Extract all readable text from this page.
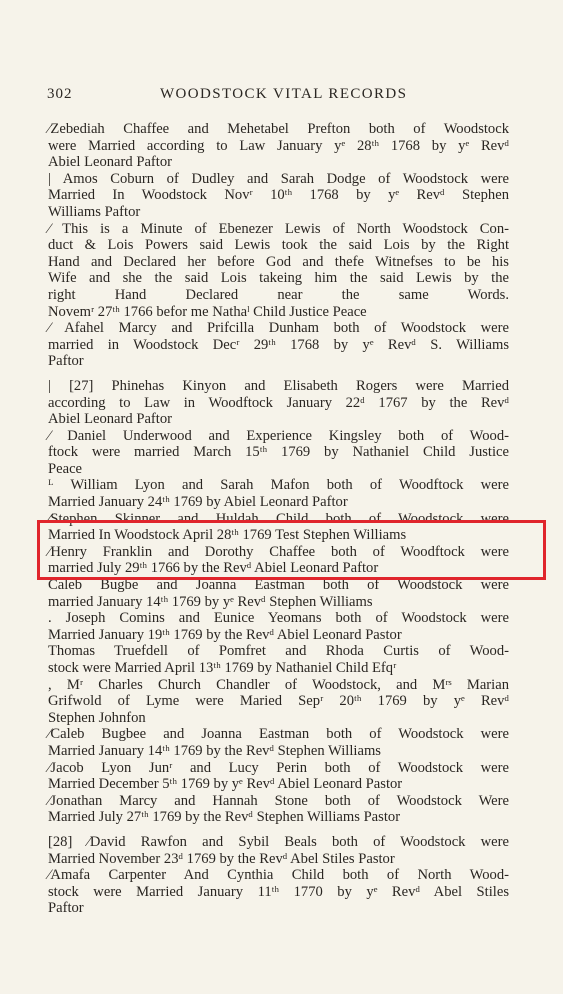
302	WOODSTOCK VITAL RECORDS
⁄Zebediah Chaffee and Mehetabel Prefton both of Woodstock
were Married according to Law January yᵉ 28ᵗʰ 1768 by yᵉ Revᵈ
Abiel Leonard Paftor
| Amos Coburn of Dudley and Sarah Dodge of Woodstock were
Married In Woodstock Novʳ 10ᵗʰ 1768 by yᵉ Revᵈ Stephen
Williams Paftor
⁄ This is a Minute of Ebenezer Lewis of North Woodstock Con-
duct & Lois Powers said Lewis took the said Lois by the Right
Hand and Declared her before God and thefe Witnefses to be his
Wife and she the said Lois takeing him the said Lewis by the
right Hand Declared near the same Words.
Novemʳ 27ᵗʰ 1766 befor me Nathaˡ Child Justice Peace
⁄ Afahel Marcy and Prifcilla Dunham both of Woodstock were
married in Woodstock Decʳ 29ᵗʰ 1768 by yᵉ Revᵈ S. Williams
Paftor
| [27] Phinehas Kinyon and Elisabeth Rogers were Married
according to Law in Woodftock January 22ᵈ 1767 by the Revᵈ
Abiel Leonard Paftor
⁄ Daniel Underwood and Experience Kingsley both of Wood-
ftock were married March 15ᵗʰ 1769 by Nathaniel Child Justice
Peace
ᴸ William Lyon and Sarah Mafon both of Woodftock were
Married January 24ᵗʰ 1769 by Abiel Leonard Paftor
⁄Stephen Skinner and Huldah Child both of Woodstock were
Married In Woodstock April 28ᵗʰ 1769 Test Stephen Williams
⁄Henry Franklin and Dorothy Chaffee both of Woodftock were
married July 29ᵗʰ 1766 by the Revᵈ Abiel Leonard Paftor
Caleb Bugbe and Joanna Eastman both of Woodstock were
married January 14ᵗʰ 1769 by yᵉ Revᵈ Stephen Williams
. Joseph Comins and Eunice Yeomans both of Woodstock were
Married January 19ᵗʰ 1769 by the Revᵈ Abiel Leonard Pastor
Thomas Truefdell of Pomfret and Rhoda Curtis of Wood-
stock were Married April 13ᵗʰ 1769 by Nathaniel Child Efqʳ
, Mʳ Charles Church Chandler of Woodstock, and Mʳˢ Marian
Grifwold of Lyme were Maried Sepʳ 20ᵗʰ 1769 by yᵉ Revᵈ
Stephen Johnfon
⁄Caleb Bugbee and Joanna Eastman both of Woodstock were
Married January 14ᵗʰ 1769 by the Revᵈ Stephen Williams
⁄Jacob Lyon Junʳ and Lucy Perin both of Woodstock were
Married December 5ᵗʰ 1769 by yᵉ Revᵈ Abiel Leonard Pastor
⁄Jonathan Marcy and Hannah Stone both of Woodstock Were
Married July 27ᵗʰ 1769 by the Revᵈ Stephen Williams Pastor
[28] ⁄David Rawfon and Sybil Beals both of Woodstock were
Married November 23ᵈ 1769 by the Revᵈ Abel Stiles Pastor
⁄Amafa Carpenter And Cynthia Child both of North Wood-
stock were Married January 11ᵗʰ 1770 by yᵉ Revᵈ Abel Stiles
Paftor
